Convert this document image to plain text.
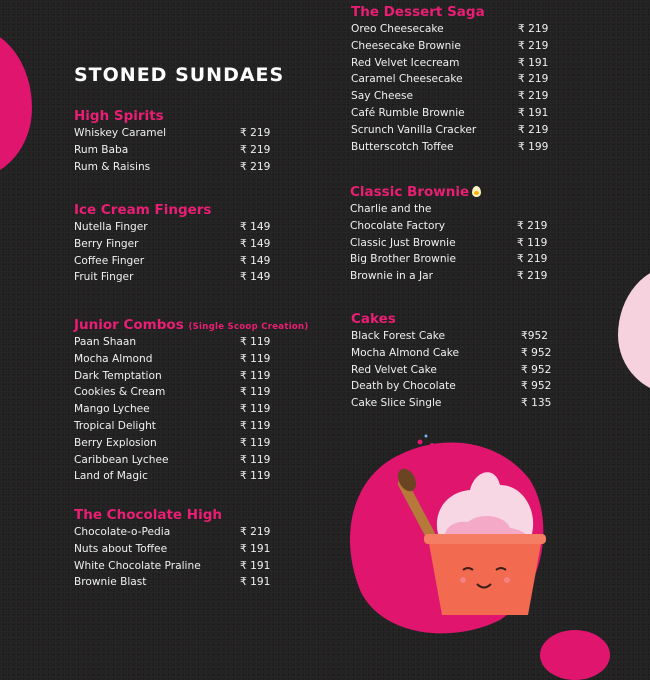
STONED SUNDAES
High Spirits
Whiskey Caramel	₹ 219
Rum Baba	₹ 219
Rum & Raisins	₹ 219
Ice Cream Fingers
Nutella Finger	₹ 149
Berry Finger	₹ 149
Coffee Finger	₹ 149
Fruit Finger	₹ 149
Junior Combos (Single Scoop Creation)
Paan Shaan	₹ 119
Mocha Almond	₹ 119
Dark Temptation	₹ 119
Cookies & Cream	₹ 119
Mango Lychee	₹ 119
Tropical Delight	₹ 119
Berry Explosion	₹ 119
Caribbean Lychee	₹ 119
Land of Magic	₹ 119
The Chocolate High
Chocolate-o-Pedia	₹ 219
Nuts about Toffee	₹ 191
White Chocolate Praline	₹ 191
Brownie Blast	₹ 191
The Dessert Saga
Oreo Cheesecake	₹ 219
Cheesecake Brownie	₹ 219
Red Velvet Icecream	₹ 191
Caramel Cheesecake	₹ 219
Say Cheese	₹ 219
Café Rumble Brownie	₹ 191
Scrunch Vanilla Cracker	₹ 219
Butterscotch Toffee	₹ 199
Classic Brownie
Charlie and the
Chocolate Factory	₹ 219
Classic Just Brownie	₹ 119
Big Brother Brownie	₹ 219
Brownie in a Jar	₹ 219
Cakes
Black Forest Cake	₹952
Mocha Almond Cake	₹ 952
Red Velvet Cake	₹ 952
Death by Chocolate	₹ 952
Cake Slice Single	₹ 135
